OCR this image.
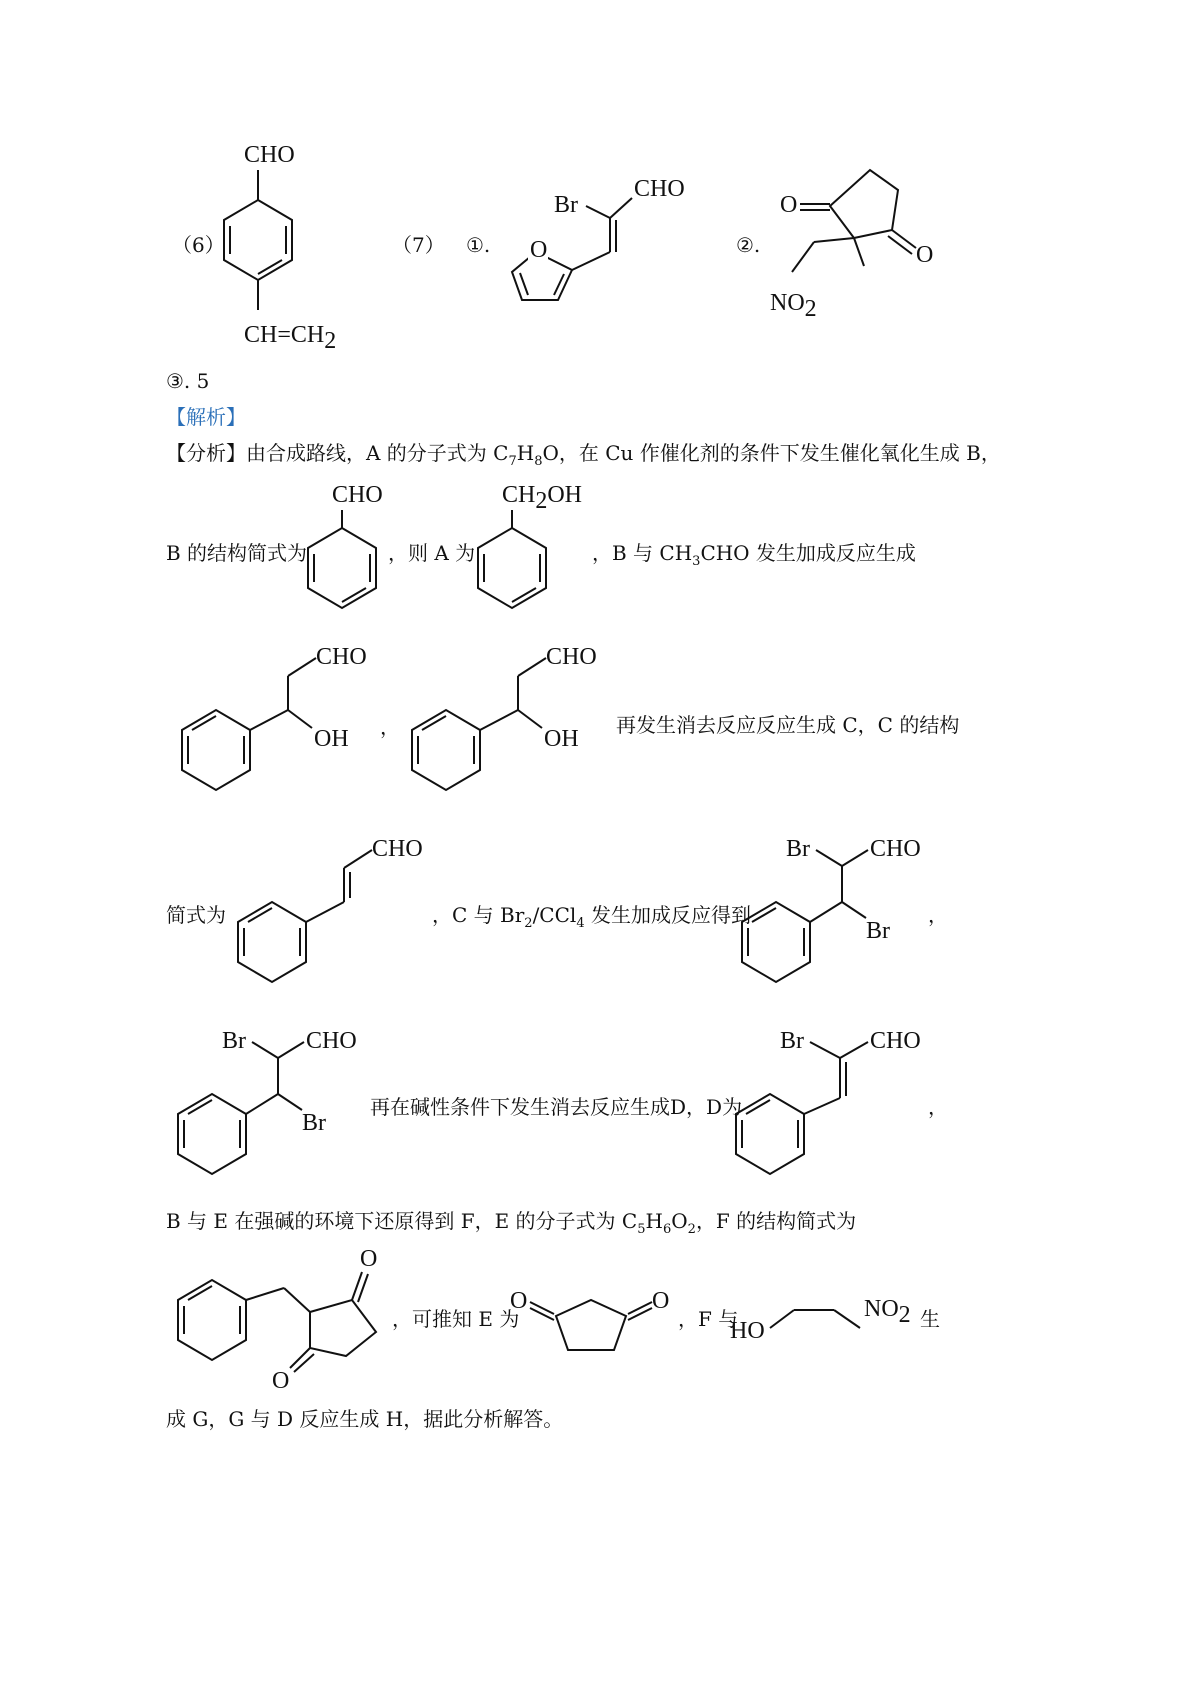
（6）
CHO
CH=CH2
（7） ①.
Br
CHO
O	②.
O
O
NO2
③. 5
【解析】
【分析】由合成路线，A 的分子式为 $C_7H_8O$，在 Cu 作催化剂的条件下发生催化氧化生成 B，
B 的结构简式为
CHO
，则 A 为
CH2OH
，B 与 $CH_3CHO$ 发生加成反应生成
CHO
OH ，
CHO
OH
再发生消去反应反应生成 C，C 的结构
简式为
CHO
，C 与 $Br_2/CCl_4$ 发生加成反应得到
Br	CHO
Br
，
Br	CHO
Br
再在碱性条件下发生消去反应生成D，D为
Br	CHO
，
B 与 E 在强碱的环境下还原得到 F，E 的分子式为 $C_5H_6O_2$，F 的结构简式为
O
O
，可推知 E 为
O	O
，F 与
HO
NO2 生
成 G，G 与 D 反应生成 H，据此分析解答。
